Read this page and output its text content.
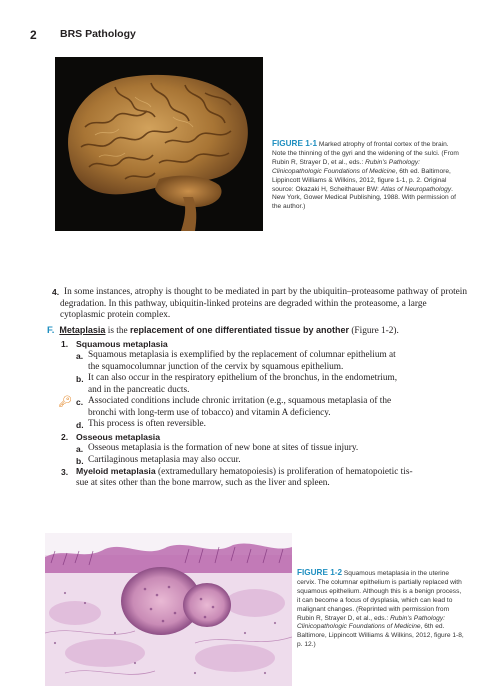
2 BRS Pathology
FIGURE 1-1 Marked atrophy of frontal cortex of the brain. Note the thinning of the gyri and the widening of the sulci. (From Rubin R, Strayer D, et al., eds.: Rubin’s Pathology: Clinicopathologic Foundations of Medicine, 6th ed. Baltimore, Lippincott Williams & Wilkins, 2012, figure 1-1, p. 2. Original source: Okazaki H, Scheithauer BW: Atlas of Neuropathology. New York, Gower Medical Publishing, 1988. With permission of the author.)
4. In some instances, atrophy is thought to be mediated in part by the ubiquitin–proteasome pathway of protein degradation. In this pathway, ubiquitin-linked proteins are degraded within the proteasome, a large cytoplasmic protein complex.
F. Metaplasia is the replacement of one differentiated tissue by another (Figure 1-2).
1. Squamous metaplasia
a. Squamous metaplasia is exemplified by the replacement of columnar epithelium at
the squamocolumnar junction of the cervix by squamous epithelium.
b. It can also occur in the respiratory epithelium of the bronchus, in the endometrium,
and in the pancreatic ducts.
🔑︎ c. Associated conditions include chronic irritation (e.g., squamous metaplasia of the
bronchi with long-term use of tobacco) and vitamin A deficiency.
d. This process is often reversible.
2. Osseous metaplasia
a. Osseous metaplasia is the formation of new bone at sites of tissue injury.
b. Cartilaginous metaplasia may also occur.
3. Myeloid metaplasia (extramedullary hematopoiesis) is proliferation of hematopoietic tis-
sue at sites other than the bone marrow, such as the liver and spleen.
FIGURE 1-2 Squamous metaplasia in the uterine cervix. The columnar epithelium is partially replaced with squamous epithelium. Although this is a benign process, it can become a focus of dysplasia, which can lead to malignant changes. (Reprinted with permission from Rubin R, Strayer D, et al., eds.: Rubin’s Pathology: Clinicopathologic Foundations of Medicine, 6th ed. Baltimore, Lippincott Williams & Wilkins, 2012, figure 1-8, p. 12.)
